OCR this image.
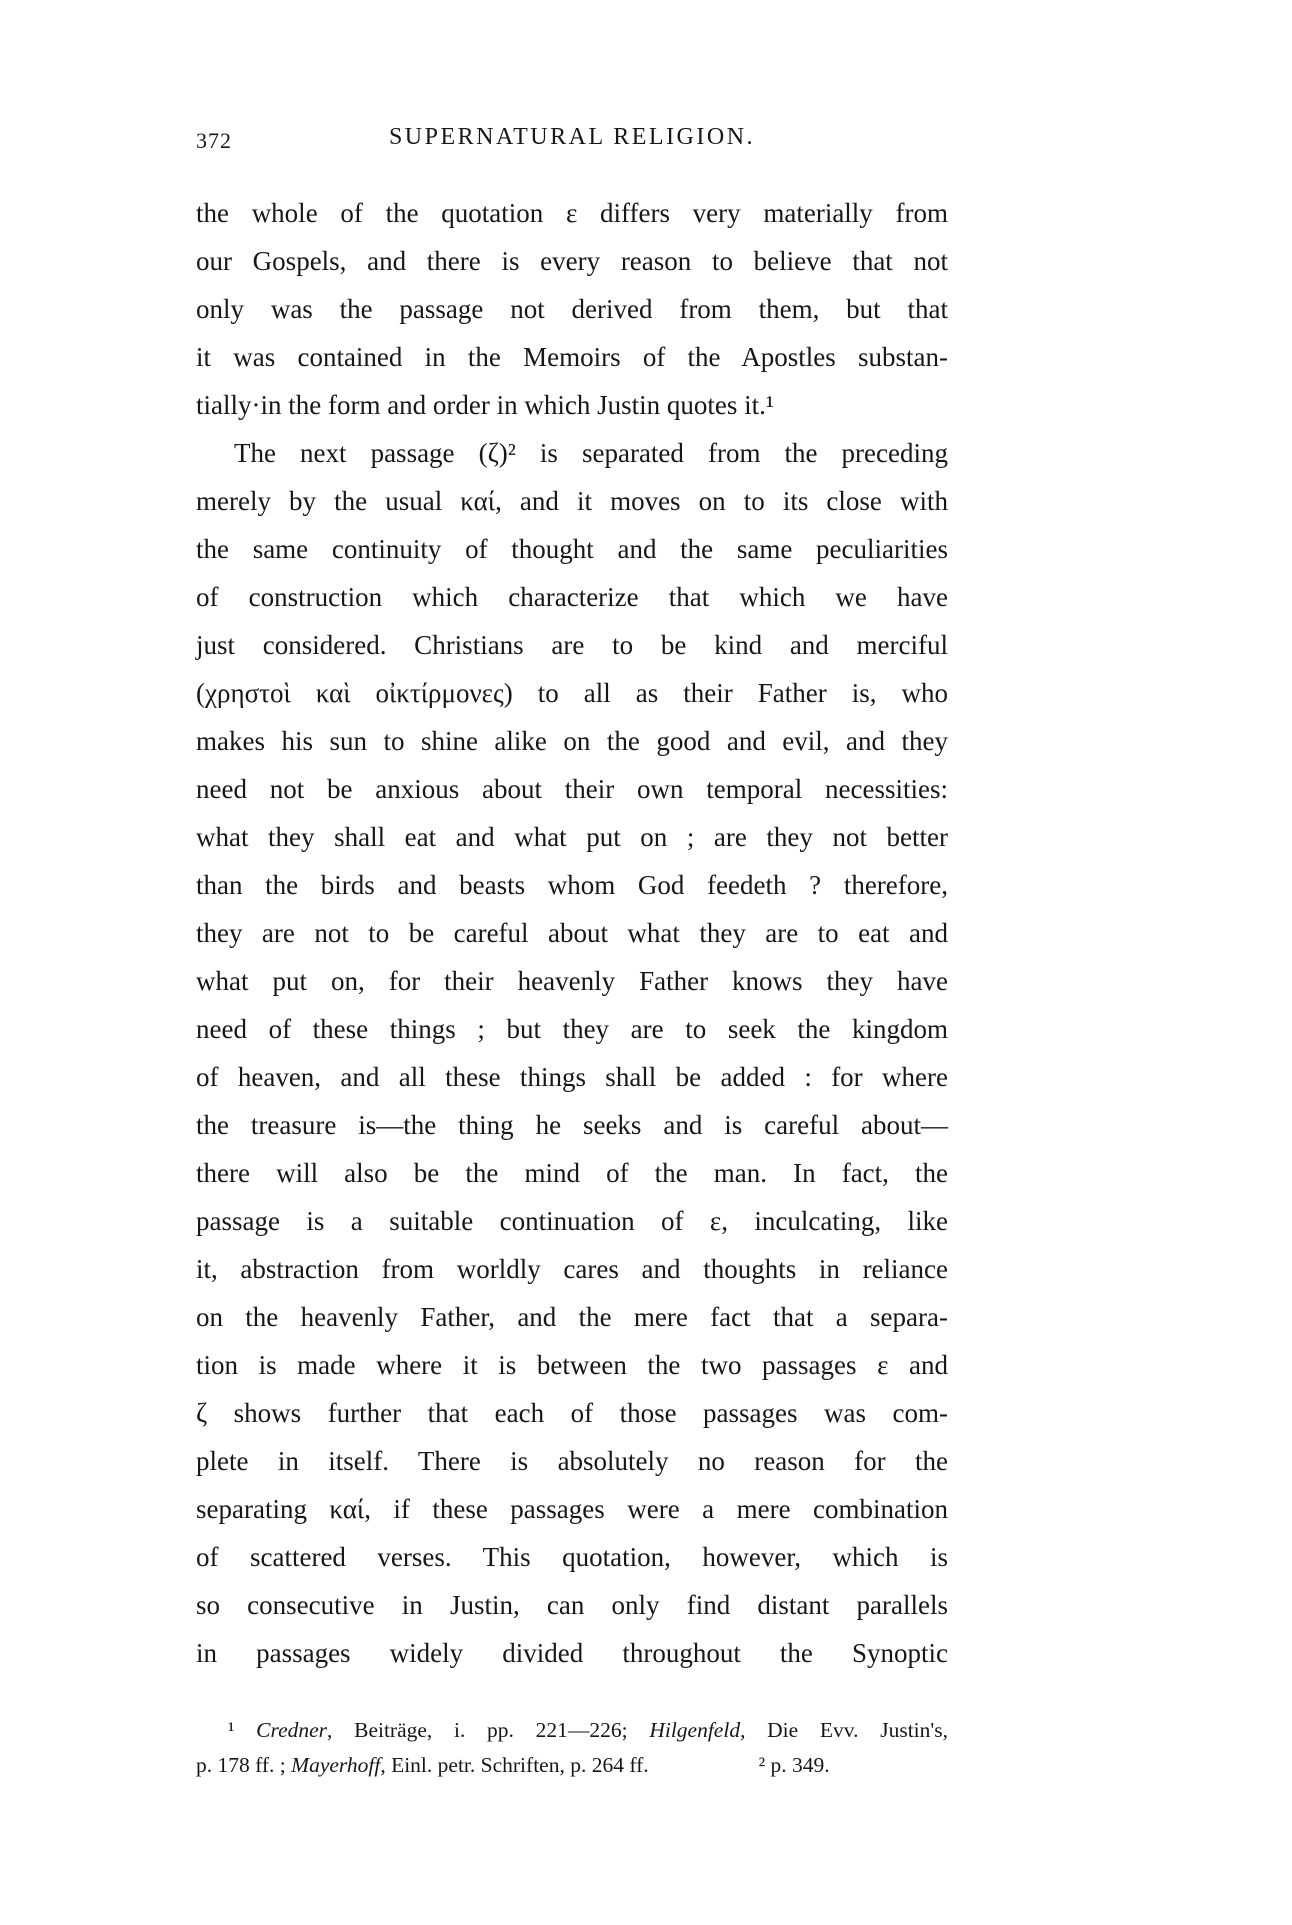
372	SUPERNATURAL RELIGION.
the whole of the quotation ε differs very materially from
our Gospels, and there is every reason to believe that not
only was the passage not derived from them, but that
it was contained in the Memoirs of the Apostles substan-
tially·in the form and order in which Justin quotes it.¹
The next passage (ζ)² is separated from the preceding
merely by the usual καί, and it moves on to its close with
the same continuity of thought and the same peculiarities
of construction which characterize that which we have
just considered. Christians are to be kind and merciful
(χρηστοὶ καὶ οἰκτίρμονες) to all as their Father is, who
makes his sun to shine alike on the good and evil, and they
need not be anxious about their own temporal necessities:
what they shall eat and what put on ; are they not better
than the birds and beasts whom God feedeth ? therefore,
they are not to be careful about what they are to eat and
what put on, for their heavenly Father knows they have
need of these things ; but they are to seek the kingdom
of heaven, and all these things shall be added : for where
the treasure is—the thing he seeks and is careful about—
there will also be the mind of the man. In fact, the
passage is a suitable continuation of ε, inculcating, like
it, abstraction from worldly cares and thoughts in reliance
on the heavenly Father, and the mere fact that a separa-
tion is made where it is between the two passages ε and
ζ shows further that each of those passages was com-
plete in itself. There is absolutely no reason for the
separating καί, if these passages were a mere combination
of scattered verses. This quotation, however, which is
so consecutive in Justin, can only find distant parallels
in passages widely divided throughout the Synoptic
¹ Credner, Beiträge, i. pp. 221—226; Hilgenfeld, Die Evv. Justin's,
p. 178 ff. ; Mayerhoff, Einl. petr. Schriften, p. 264 ff.	² p. 349.
